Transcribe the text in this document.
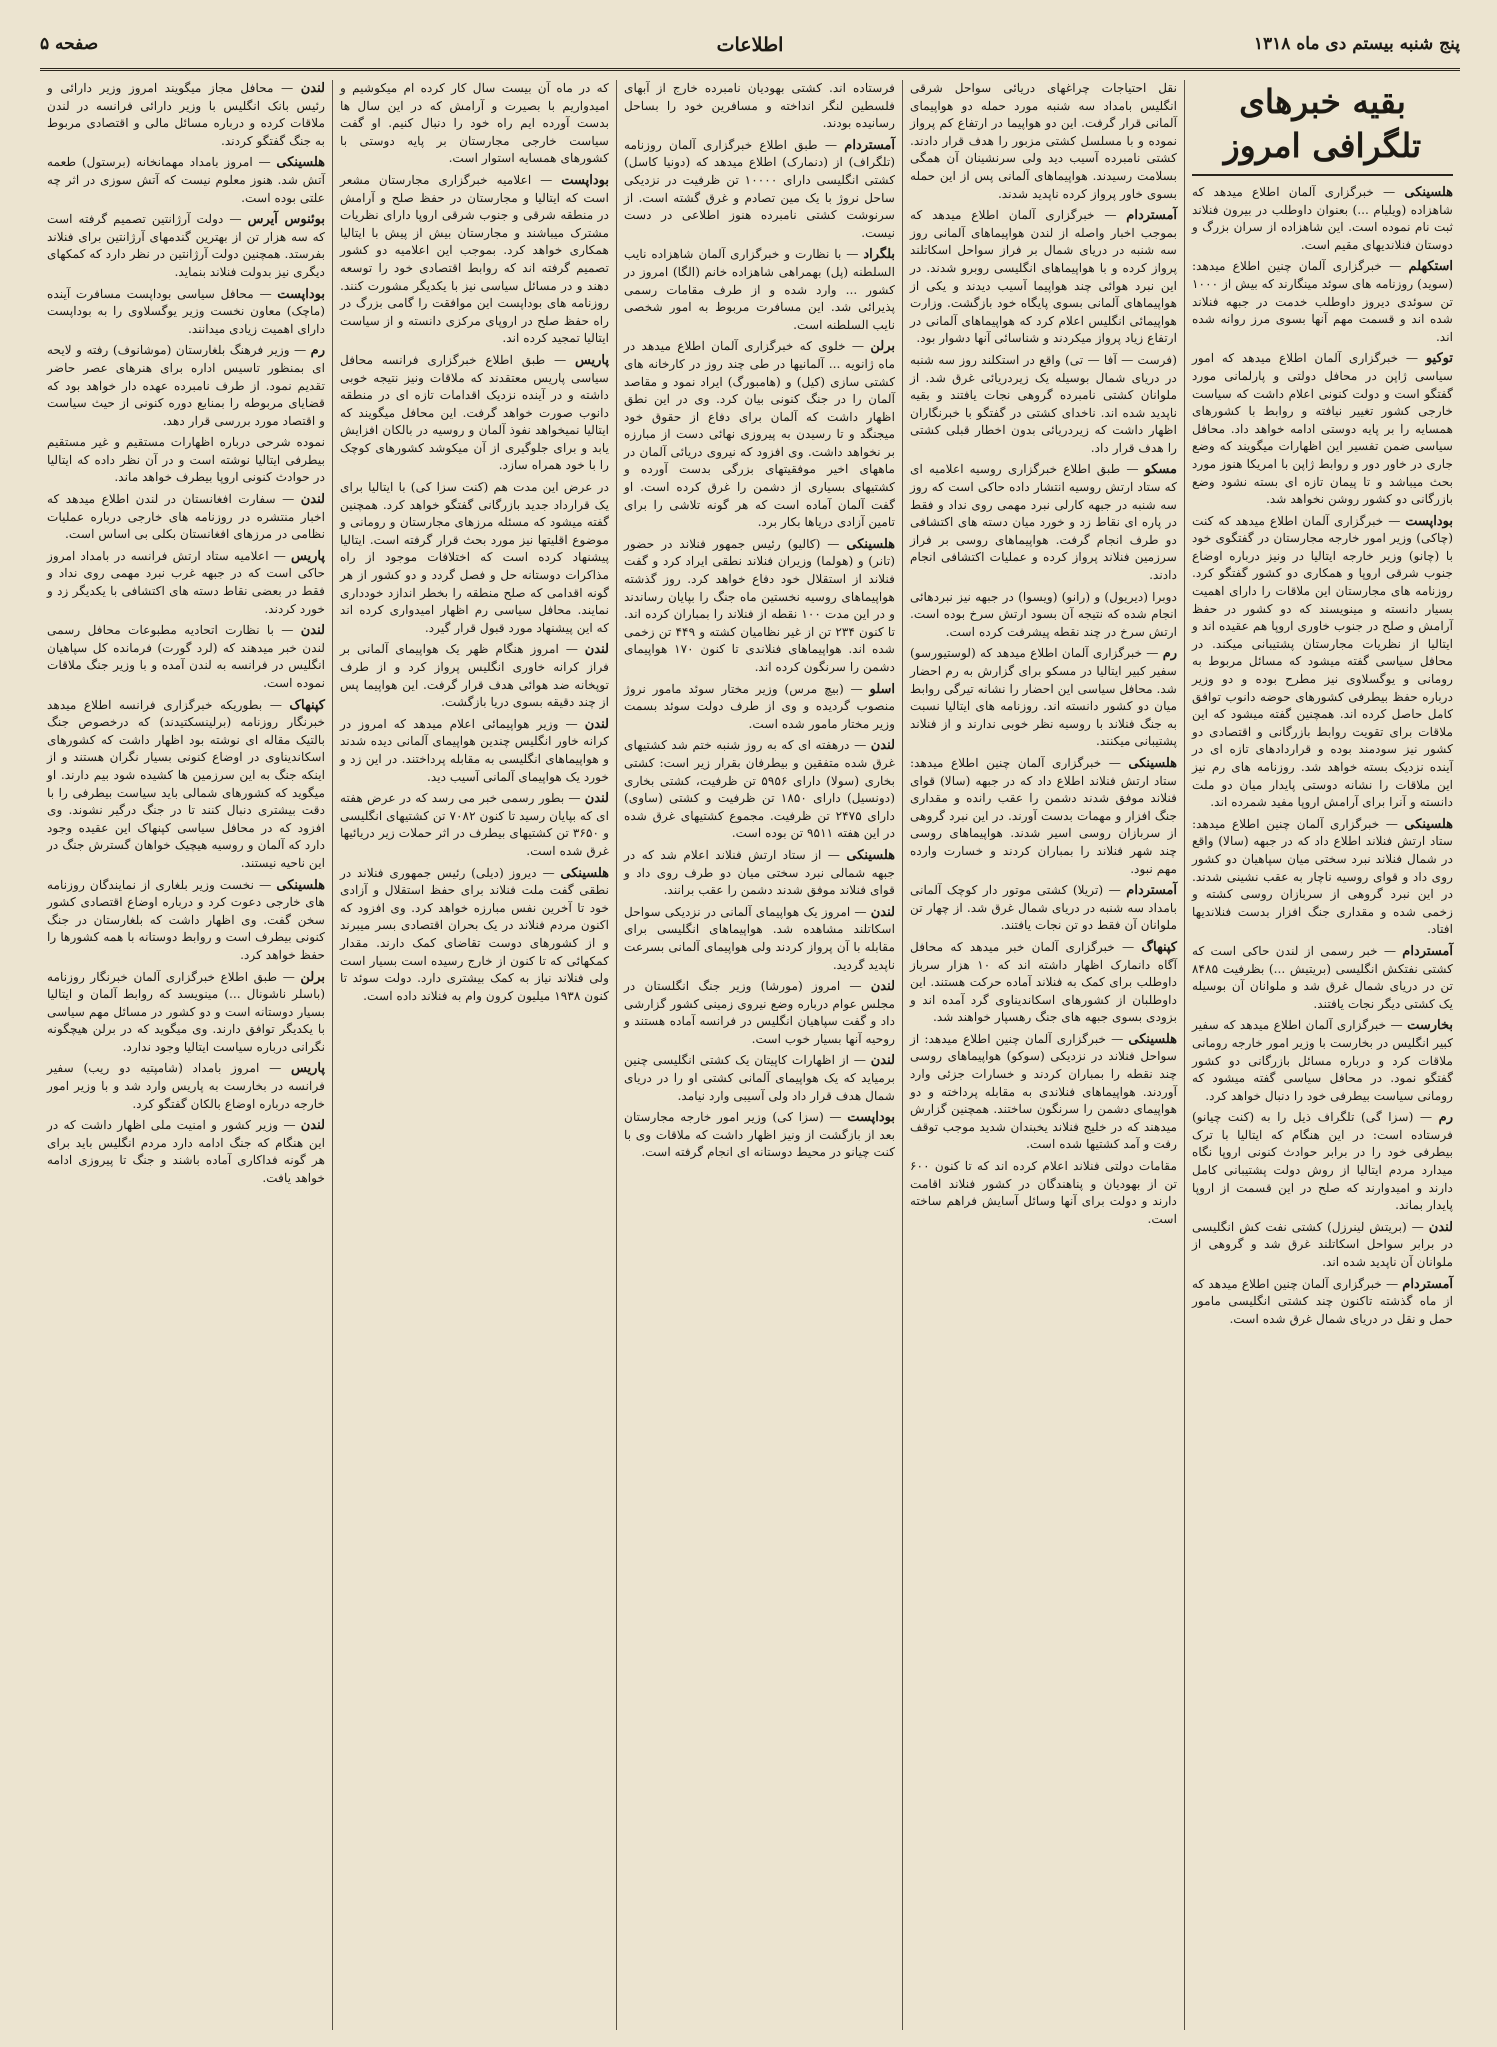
صفحه ۵	اطلاعات	پنج شنبه بیستم دی ماه ۱۳۱۸
بقیه خبرهای تلگرافی امروز

هلسینکی — خبرگزاری آلمان اطلاع میدهد که شاهزاده (ویلیام ...) بعنوان داوطلب در بیرون فنلاند ثبت نام نموده است. این شاهزاده از سران بزرگ و دوستان فنلاندیهای مقیم است.

استکهلم — خبرگزاری آلمان چنین اطلاع میدهد: (سوید) روزنامه های سوئد مینگارند که بیش از ۱۰۰۰ تن سوئدی دیروز داوطلب خدمت در جبهه فنلاند شده اند و قسمت مهم آنها بسوی مرز روانه شده اند.

توکیو — خبرگزاری آلمان اطلاع میدهد که امور سیاسی ژاپن در محافل دولتی و پارلمانی مورد گفتگو است و دولت کنونی اعلام داشت که سیاست خارجی کشور تغییر نیافته و روابط با کشورهای همسایه را بر پایه دوستی ادامه خواهد داد. محافل سیاسی ضمن تفسیر این اظهارات میگویند که وضع جاری در خاور دور و روابط ژاپن با امریکا هنوز مورد بحث میباشد و تا پیمان تازه ای بسته نشود وضع بازرگانی دو کشور روشن نخواهد شد.

بوداپست — خبرگزاری آلمان اطلاع میدهد که کنت (چاکی) وزیر امور خارجه مجارستان در گفتگوی خود با (چانو) وزیر خارجه ایتالیا در ونیز درباره اوضاع جنوب شرقی اروپا و همکاری دو کشور گفتگو کرد. روزنامه های مجارستان این ملاقات را دارای اهمیت بسیار دانسته و مینویسند که دو کشور در حفظ آرامش و صلح در جنوب خاوری اروپا هم عقیده اند و ایتالیا از نظریات مجارستان پشتیبانی میکند. در محافل سیاسی گفته میشود که مسائل مربوط به رومانی و یوگسلاوی نیز مطرح بوده و دو وزیر درباره حفظ بیطرفی کشورهای حوضه دانوب توافق کامل حاصل کرده اند. همچنین گفته میشود که این ملاقات برای تقویت روابط بازرگانی و اقتصادی دو کشور نیز سودمند بوده و قراردادهای تازه ای در آینده نزدیک بسته خواهد شد. روزنامه های رم نیز این ملاقات را نشانه دوستی پایدار میان دو ملت دانسته و آنرا برای آرامش اروپا مفید شمرده اند.

هلسینکی — خبرگزاری آلمان چنین اطلاع میدهد: ستاد ارتش فنلاند اطلاع داد که در جبهه (سالا) واقع در شمال فنلاند نبرد سختی میان سپاهیان دو کشور روی داد و قوای روسیه ناچار به عقب نشینی شدند. در این نبرد گروهی از سربازان روسی کشته و زخمی شده و مقداری جنگ افزار بدست فنلاندیها افتاد.

آمستردام — خبر رسمی از لندن حاکی است که کشتی نفتکش انگلیسی (بریتیش ...) بظرفیت ۸۴۸۵ تن در دریای شمال غرق شد و ملوانان آن بوسیله یک کشتی دیگر نجات یافتند.

بخارست — خبرگزاری آلمان اطلاع میدهد که سفیر کبیر انگلیس در بخارست با وزیر امور خارجه رومانی ملاقات کرد و درباره مسائل بازرگانی دو کشور گفتگو نمود. در محافل سیاسی گفته میشود که رومانی سیاست بیطرفی خود را دنبال خواهد کرد.

رم — (سزا گی) تلگراف ذیل را به (کنت چیانو) فرستاده است: در این هنگام که ایتالیا با ترک بیطرفی خود را در برابر حوادث کنونی اروپا نگاه میدارد مردم ایتالیا از روش دولت پشتیبانی کامل دارند و امیدوارند که صلح در این قسمت از اروپا پایدار بماند.

لندن — (بریتش لینرزل) کشتی نفت کش انگلیسی در برابر سواحل اسکاتلند غرق شد و گروهی از ملوانان آن ناپدید شده اند.

آمستردام — خبرگزاری آلمان چنین اطلاع میدهد که از ماه گذشته تاکنون چند کشتی انگلیسی مامور حمل و نقل در دریای شمال غرق شده است.

نقل احتیاجات چراغهای دریائی سواحل شرقی انگلیس بامداد سه شنبه مورد حمله دو هواپیمای آلمانی قرار گرفت. این دو هواپیما در ارتفاع کم پرواز نموده و با مسلسل کشتی مزبور را هدف قرار دادند. کشتی نامبرده آسیب دید ولی سرنشینان آن همگی بسلامت رسیدند. هواپیماهای آلمانی پس از این حمله بسوی خاور پرواز کرده ناپدید شدند.

آمستردام — خبرگزاری آلمان اطلاع میدهد که بموجب اخبار واصله از لندن هواپیماهای آلمانی روز سه شنبه در دریای شمال بر فراز سواحل اسکاتلند پرواز کرده و با هواپیماهای انگلیسی روبرو شدند. در این نبرد هوائی چند هواپیما آسیب دیدند و یکی از هواپیماهای آلمانی بسوی پایگاه خود بازگشت. وزارت هواپیمائی انگلیس اعلام کرد که هواپیماهای آلمانی در ارتفاع زیاد پرواز میکردند و شناسائی آنها دشوار بود.

(فرست — آفا — تی) واقع در استکلند روز سه شنبه در دریای شمال بوسیله یک زیردریائی غرق شد. از ملوانان کشتی نامبرده گروهی نجات یافتند و بقیه ناپدید شده اند. ناخدای کشتی در گفتگو با خبرنگاران اظهار داشت که زیردریائی بدون اخطار قبلی کشتی را هدف قرار داد.

مسکو — طبق اطلاع خبرگزاری روسیه اعلامیه ای که ستاد ارتش روسیه انتشار داده حاکی است که روز سه شنبه در جبهه کارلی نبرد مهمی روی نداد و فقط در پاره ای نقاط زد و خورد میان دسته های اکتشافی دو طرف انجام گرفت. هواپیماهای روسی بر فراز سرزمین فنلاند پرواز کرده و عملیات اکتشافی انجام دادند.

دوبرا (دیریول) و (رانو) (ویسوا) در جبهه نیز نبردهائی انجام شده که نتیجه آن بسود ارتش سرخ بوده است. ارتش سرخ در چند نقطه پیشرفت کرده است.

رم — خبرگزاری آلمان اطلاع میدهد که (لوستیورسو) سفیر کبیر ایتالیا در مسکو برای گزارش به رم احضار شد. محافل سیاسی این احضار را نشانه تیرگی روابط میان دو کشور دانسته اند. روزنامه های ایتالیا نسبت به جنگ فنلاند با روسیه نظر خوبی ندارند و از فنلاند پشتیبانی میکنند.

هلسینکی — خبرگزاری آلمان چنین اطلاع میدهد: ستاد ارتش فنلاند اطلاع داد که در جبهه (سالا) قوای فنلاند موفق شدند دشمن را عقب رانده و مقداری جنگ افزار و مهمات بدست آورند. در این نبرد گروهی از سربازان روسی اسیر شدند. هواپیماهای روسی چند شهر فنلاند را بمباران کردند و خسارت وارده مهم نبود.

آمستردام — (تریلا) کشتی موتور دار کوچک آلمانی بامداد سه شنبه در دریای شمال غرق شد. از چهار تن ملوانان آن فقط دو تن نجات یافتند.

کپنهاگ — خبرگزاری آلمان خبر میدهد که محافل آگاه دانمارک اظهار داشته اند که ۱۰ هزار سرباز داوطلب برای کمک به فنلاند آماده حرکت هستند. این داوطلبان از کشورهای اسکاندیناوی گرد آمده اند و بزودی بسوی جبهه های جنگ رهسپار خواهند شد.

هلسینکی — خبرگزاری آلمان چنین اطلاع میدهد: از سواحل فنلاند در نزدیکی (سوکو) هواپیماهای روسی چند نقطه را بمباران کردند و خسارات جزئی وارد آوردند. هواپیماهای فنلاندی به مقابله پرداخته و دو هواپیمای دشمن را سرنگون ساختند. همچنین گزارش میدهند که در خلیج فنلاند یخبندان شدید موجب توقف رفت و آمد کشتیها شده است.

مقامات دولتی فنلاند اعلام کرده اند که تا کنون ۶۰۰ تن از بهودیان و پناهندگان در کشور فنلاند اقامت دارند و دولت برای آنها وسائل آسایش فراهم ساخته است.

فرستاده اند. کشتی بهودیان نامبرده خارج از آبهای فلسطین لنگر انداخته و مسافرین خود را بساحل رسانیده بودند.

آمستردام — طبق اطلاع خبرگزاری آلمان روزنامه (تلگراف) از (دنمارک) اطلاع میدهد که (دونیا کاسل) کشتی انگلیسی دارای ۱۰۰۰۰ تن ظرفیت در نزدیکی ساحل نروژ با یک مین تصادم و غرق گشته است. از سرنوشت کشتی نامبرده هنوز اطلاعی در دست نیست.

بلگراد — با نظارت و خبرگزاری آلمان شاهزاده نایب السلطنه (پل) بهمراهی شاهزاده خانم (الگا) امروز در کشور ... وارد شده و از طرف مقامات رسمی پذیرائی شد. این مسافرت مربوط به امور شخصی نایب السلطنه است.

برلن — خلوی که خبرگزاری آلمان اطلاع میدهد در ماه ژانویه ... آلمانیها در طی چند روز در کارخانه های کشتی سازی (کیل) و (هامبورگ) ایراد نمود و مقاصد آلمان را در جنگ کنونی بیان کرد. وی در این نطق اظهار داشت که آلمان برای دفاع از حقوق خود میجنگد و تا رسیدن به پیروزی نهائی دست از مبارزه بر نخواهد داشت. وی افزود که نیروی دریائی آلمان در ماههای اخیر موفقیتهای بزرگی بدست آورده و کشتیهای بسیاری از دشمن را غرق کرده است. او گفت آلمان آماده است که هر گونه تلاشی را برای تامین آزادی دریاها بکار برد.

هلسینکی — (کالیو) رئیس جمهور فنلاند در حضور (تانر) و (هولما) وزیران فنلاند نطقی ایراد کرد و گفت فنلاند از استقلال خود دفاع خواهد کرد. روز گذشته هواپیماهای روسیه نخستین ماه جنگ را بپایان رساندند و در این مدت ۱۰۰ نقطه از فنلاند را بمباران کرده اند. تا کنون ۲۳۴ تن از غیر نظامیان کشته و ۴۴۹ تن زخمی شده اند. هواپیماهای فنلاندی تا کنون ۱۷۰ هواپیمای دشمن را سرنگون کرده اند.

اسلو — (بیچ مرس) وزیر مختار سوئد مامور نروژ منصوب گردیده و وی از طرف دولت سوئد بسمت وزیر مختار مامور شده است.

لندن — درهفته ای که به روز شنبه ختم شد کشتیهای غرق شده متفقین و بیطرفان بقرار زیر است: کشتی بخاری (سولا) دارای ۵۹۵۶ تن ظرفیت، کشتی بخاری (دونسیل) دارای ۱۸۵۰ تن ظرفیت و کشتی (ساوی) دارای ۲۴۷۵ تن ظرفیت. مجموع کشتیهای غرق شده در این هفته ۹۵۱۱ تن بوده است.

هلسینکی — از ستاد ارتش فنلاند اعلام شد که در جبهه شمالی نبرد سختی میان دو طرف روی داد و قوای فنلاند موفق شدند دشمن را عقب برانند.

لندن — امروز یک هواپیمای آلمانی در نزدیکی سواحل اسکاتلند مشاهده شد. هواپیماهای انگلیسی برای مقابله با آن پرواز کردند ولی هواپیمای آلمانی بسرعت ناپدید گردید.

لندن — امروز (مورشا) وزیر جنگ انگلستان در مجلس عوام درباره وضع نیروی زمینی کشور گزارشی داد و گفت سپاهیان انگلیس در فرانسه آماده هستند و روحیه آنها بسیار خوب است.

لندن — از اظهارات کاپیتان یک کشتی انگلیسی چنین برمیاید که یک هواپیمای آلمانی کشتی او را در دریای شمال هدف قرار داد ولی آسیبی وارد نیامد.

بوداپست — (سزا کی) وزیر امور خارجه مجارستان بعد از بازگشت از ونیز اظهار داشت که ملاقات وی با کنت چیانو در محیط دوستانه ای انجام گرفته است.

که در ماه آن بیست سال کار کرده ام میکوشیم و امیدواریم با بصیرت و آرامش که در این سال ها بدست آورده ایم راه خود را دنبال کنیم. او گفت سیاست خارجی مجارستان بر پایه دوستی با کشورهای همسایه استوار است.

بوداپست — اعلامیه خبرگزاری مجارستان مشعر است که ایتالیا و مجارستان در حفظ صلح و آرامش در منطقه شرقی و جنوب شرقی اروپا دارای نظریات مشترک میباشند و مجارستان بیش از پیش با ایتالیا همکاری خواهد کرد. بموجب این اعلامیه دو کشور تصمیم گرفته اند که روابط اقتصادی خود را توسعه دهند و در مسائل سیاسی نیز با یکدیگر مشورت کنند. روزنامه های بوداپست این موافقت را گامی بزرگ در راه حفظ صلح در اروپای مرکزی دانسته و از سیاست ایتالیا تمجید کرده اند.

پاریس — طبق اطلاع خبرگزاری فرانسه محافل سیاسی پاریس معتقدند که ملاقات ونیز نتیجه خوبی داشته و در آینده نزدیک اقدامات تازه ای در منطقه دانوب صورت خواهد گرفت. این محافل میگویند که ایتالیا نمیخواهد نفوذ آلمان و روسیه در بالکان افزایش یابد و برای جلوگیری از آن میکوشد کشورهای کوچک را با خود همراه سازد.

در عرض این مدت هم (کنت سزا کی) با ایتالیا برای یک قرارداد جدید بازرگانی گفتگو خواهد کرد. همچنین گفته میشود که مسئله مرزهای مجارستان و رومانی و موضوع اقلیتها نیز مورد بحث قرار گرفته است. ایتالیا پیشنهاد کرده است که اختلافات موجود از راه مذاکرات دوستانه حل و فصل گردد و دو کشور از هر گونه اقدامی که صلح منطقه را بخطر اندازد خودداری نمایند. محافل سیاسی رم اظهار امیدواری کرده اند که این پیشنهاد مورد قبول قرار گیرد.

لندن — امروز هنگام ظهر یک هواپیمای آلمانی بر فراز کرانه خاوری انگلیس پرواز کرد و از طرف توپخانه ضد هوائی هدف قرار گرفت. این هواپیما پس از چند دقیقه بسوی دریا بازگشت.

لندن — وزیر هواپیمائی اعلام میدهد که امروز در کرانه خاور انگلیس چندین هواپیمای آلمانی دیده شدند و هواپیماهای انگلیسی به مقابله پرداختند. در این زد و خورد یک هواپیمای آلمانی آسیب دید.

لندن — بطور رسمی خبر می رسد که در عرض هفته ای که بپایان رسید تا کنون ۷۰۸۲ تن کشتیهای انگلیسی و ۳۶۵۰ تن کشتیهای بیطرف در اثر حملات زیر دریائیها غرق شده است.

هلسینکی — دیروز (دیلی) رئیس جمهوری فنلاند در نطقی گفت ملت فنلاند برای حفظ استقلال و آزادی خود تا آخرین نفس مبارزه خواهد کرد. وی افزود که اکنون مردم فنلاند در یک بحران اقتصادی بسر میبرند و از کشورهای دوست تقاضای کمک دارند. مقدار کمکهائی که تا کنون از خارج رسیده است بسیار است ولی فنلاند نیاز به کمک بیشتری دارد. دولت سوئد تا کنون ۱۹۳۸ میلیون کرون وام به فنلاند داده است.

لندن — محافل مجاز میگویند امروز وزیر دارائی و رئیس بانک انگلیس با وزیر دارائی فرانسه در لندن ملاقات کرده و درباره مسائل مالی و اقتصادی مربوط به جنگ گفتگو کردند.

هلسینکی — امروز بامداد مهمانخانه (برستول) طعمه آتش شد. هنوز معلوم نیست که آتش سوزی در اثر چه علتی بوده است.

بوئنوس آیرس — دولت آرژانتین تصمیم گرفته است که سه هزار تن از بهترین گندمهای آرژانتین برای فنلاند بفرستد. همچنین دولت آرژانتین در نظر دارد که کمکهای دیگری نیز بدولت فنلاند بنماید.

بوداپست — محافل سیاسی بوداپست مسافرت آینده (ماچک) معاون نخست وزیر یوگسلاوی را به بوداپست دارای اهمیت زیادی میدانند.

رم — وزیر فرهنگ بلغارستان (موشانوف) رفته و لایحه ای بمنظور تاسیس اداره برای هنرهای عصر حاضر تقدیم نمود. از طرف نامبرده عهده دار خواهد بود که قضایای مربوطه را بمنابع دوره کنونی از حیث سیاست و اقتصاد مورد بررسی قرار دهد.

نموده شرحی درباره اظهارات مستقیم و غیر مستقیم بیطرفی ایتالیا نوشته است و در آن نظر داده که ایتالیا در حوادث کنونی اروپا بیطرف خواهد ماند.

لندن — سفارت افغانستان در لندن اطلاع میدهد که اخبار منتشره در روزنامه های خارجی درباره عملیات نظامی در مرزهای افغانستان بکلی بی اساس است.

پاریس — اعلامیه ستاد ارتش فرانسه در بامداد امروز حاکی است که در جبهه غرب نبرد مهمی روی نداد و فقط در بعضی نقاط دسته های اکتشافی با یکدیگر زد و خورد کردند.

لندن — با نظارت اتحادیه مطبوعات محافل رسمی لندن خبر میدهند که (لرد گورت) فرمانده کل سپاهیان انگلیس در فرانسه به لندن آمده و با وزیر جنگ ملاقات نموده است.

کپنهاک — بطوریکه خبرگزاری فرانسه اطلاع میدهد خبرنگار روزنامه (برلینسکتیدند) که درخصوص جنگ بالتیک مقاله ای نوشته بود اظهار داشت که کشورهای اسکاندیناوی در اوضاع کنونی بسیار نگران هستند و از اینکه جنگ به این سرزمین ها کشیده شود بیم دارند. او میگوید که کشورهای شمالی باید سیاست بیطرفی را با دقت بیشتری دنبال کنند تا در جنگ درگیر نشوند. وی افزود که در محافل سیاسی کپنهاک این عقیده وجود دارد که آلمان و روسیه هیچیک خواهان گسترش جنگ در این ناحیه نیستند.

هلسینکی — نخست وزیر بلغاری از نمایندگان روزنامه های خارجی دعوت کرد و درباره اوضاع اقتصادی کشور سخن گفت. وی اظهار داشت که بلغارستان در جنگ کنونی بیطرف است و روابط دوستانه با همه کشورها را حفظ خواهد کرد.

برلن — طبق اطلاع خبرگزاری آلمان خبرنگار روزنامه (باسلر ناشونال ...) مینویسد که روابط آلمان و ایتالیا بسیار دوستانه است و دو کشور در مسائل مهم سیاسی با یکدیگر توافق دارند. وی میگوید که در برلن هیچگونه نگرانی درباره سیاست ایتالیا وجود ندارد.

پاریس — امروز بامداد (شامپتیه دو ریب) سفیر فرانسه در بخارست به پاریس وارد شد و با وزیر امور خارجه درباره اوضاع بالکان گفتگو کرد.

لندن — وزیر کشور و امنیت ملی اظهار داشت که در این هنگام که جنگ ادامه دارد مردم انگلیس باید برای هر گونه فداکاری آماده باشند و جنگ تا پیروزی ادامه خواهد یافت.
